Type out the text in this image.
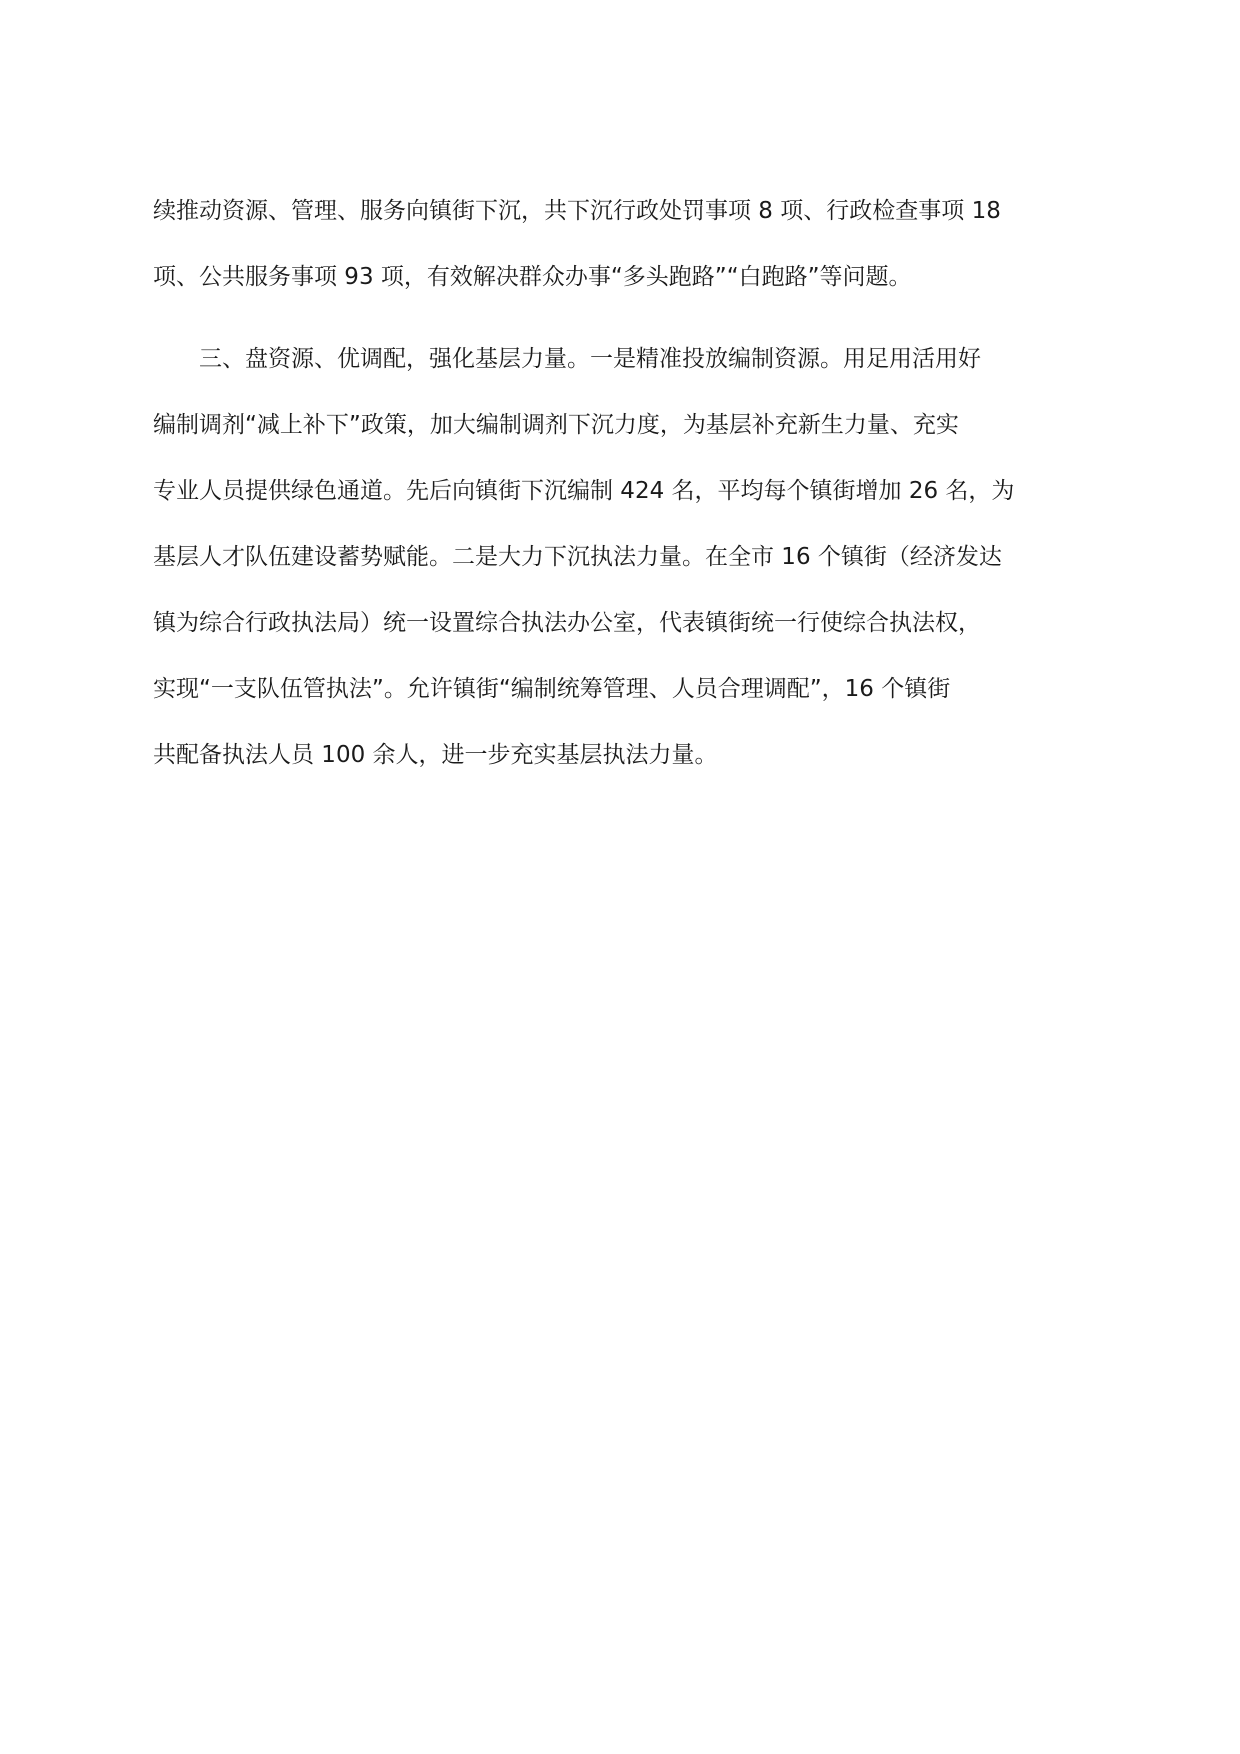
续推动资源、管理、服务向镇街下沉，共下沉行政处罚事项 8 项、行政检查事项 18
项、公共服务事项 93 项，有效解决群众办事“多头跑路”“白跑路”等问题。
三、盘资源、优调配，强化基层力量。一是精准投放编制资源。用足用活用好
编制调剂“减上补下”政策，加大编制调剂下沉力度，为基层补充新生力量、充实
专业人员提供绿色通道。先后向镇街下沉编制 424 名，平均每个镇街增加 26 名，为
基层人才队伍建设蓄势赋能。二是大力下沉执法力量。在全市 16 个镇街（经济发达
镇为综合行政执法局）统一设置综合执法办公室，代表镇街统一行使综合执法权，
实现“一支队伍管执法”。允许镇街“编制统筹管理、人员合理调配”，16 个镇街
共配备执法人员 100 余人，进一步充实基层执法力量。
